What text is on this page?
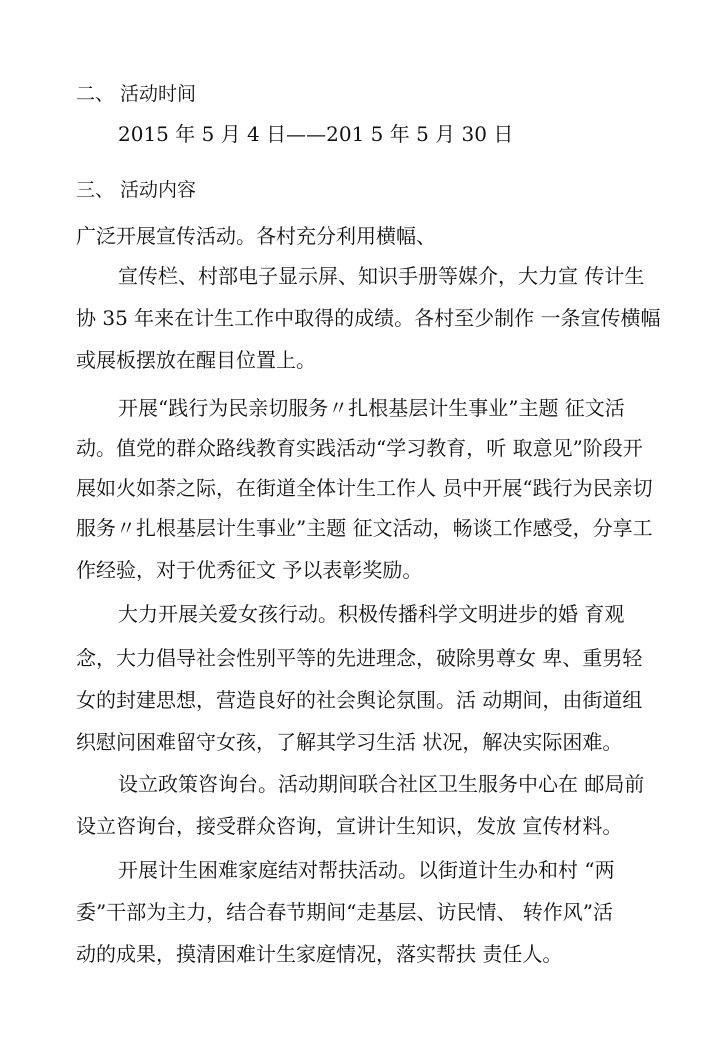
二、 活动时间
2015 年 5 月 4 日——201 5 年 5 月 30 日
三、 活动内容
广泛开展宣传活动。各村充分利用横幅、
宣传栏、村部电子显示屏、知识手册等媒介，大力宣 传计生
协 35 年来在计生工作中取得的成绩。各村至少制作 一条宣传横幅
或展板摆放在醒目位置上。
开展“践行为民亲切服务〃扎根基层计生事业”主题 征文活
动。值党的群众路线教育实践活动“学习教育，听 取意见”阶段开
展如火如荼之际，在街道全体计生工作人 员中开展“践行为民亲切
服务〃扎根基层计生事业”主题 征文活动，畅谈工作感受，分享工
作经验，对于优秀征文 予以表彰奖励。
大力开展关爱女孩行动。积极传播科学文明进步的婚 育观
念，大力倡导社会性别平等的先进理念，破除男尊女 卑、重男轻
女的封建思想，营造良好的社会舆论氛围。活 动期间，由街道组
织慰问困难留守女孩，了解其学习生活 状况，解决实际困难。
设立政策咨询台。活动期间联合社区卫生服务中心在 邮局前
设立咨询台，接受群众咨询，宣讲计生知识，发放 宣传材料。
开展计生困难家庭结对帮扶活动。以街道计生办和村 “两
委”干部为主力，结合春节期间“走基层、访民情、 转作风”活
动的成果，摸清困难计生家庭情况，落实帮扶 责任人。
